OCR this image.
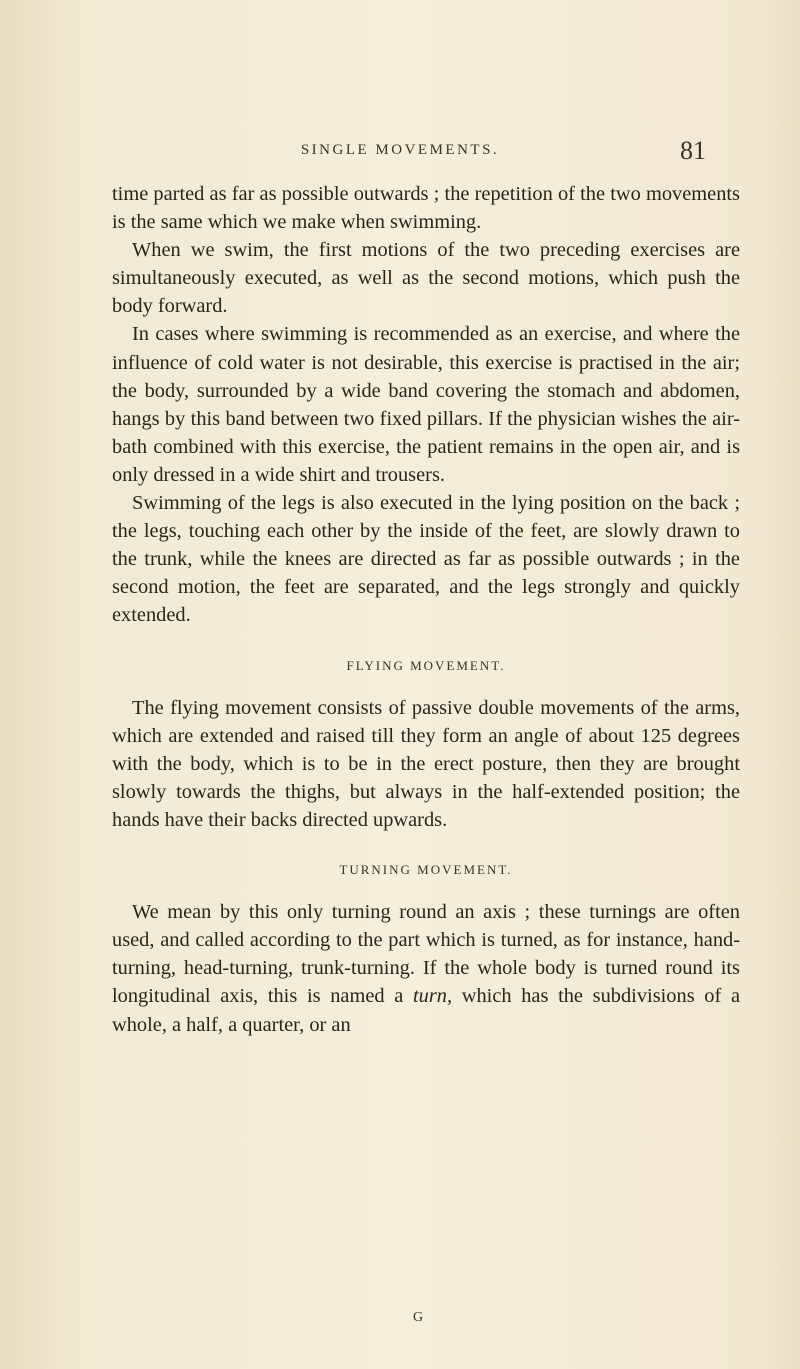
SINGLE MOVEMENTS.	81

time parted as far as possible outwards ; the repetition of the two movements is the same which we make when swimming.

When we swim, the first motions of the two preceding exercises are simultaneously executed, as well as the second motions, which push the body forward.

In cases where swimming is recommended as an exercise, and where the influence of cold water is not desirable, this exercise is practised in the air; the body, surrounded by a wide band covering the stomach and abdomen, hangs by this band between two fixed pillars. If the physician wishes the air-bath combined with this exercise, the patient remains in the open air, and is only dressed in a wide shirt and trousers.

Swimming of the legs is also executed in the lying position on the back ; the legs, touching each other by the inside of the feet, are slowly drawn to the trunk, while the knees are directed as far as possible outwards ; in the second motion, the feet are separated, and the legs strongly and quickly extended.

FLYING MOVEMENT.

The flying movement consists of passive double movements of the arms, which are extended and raised till they form an angle of about 125 degrees with the body, which is to be in the erect posture, then they are brought slowly towards the thighs, but always in the half-extended position; the hands have their backs directed upwards.

TURNING MOVEMENT.

We mean by this only turning round an axis ; these turnings are often used, and called according to the part which is turned, as for instance, hand-turning, head-turning, trunk-turning. If the whole body is turned round its longitudinal axis, this is named a turn, which has the subdivisions of a whole, a half, a quarter, or an

G
